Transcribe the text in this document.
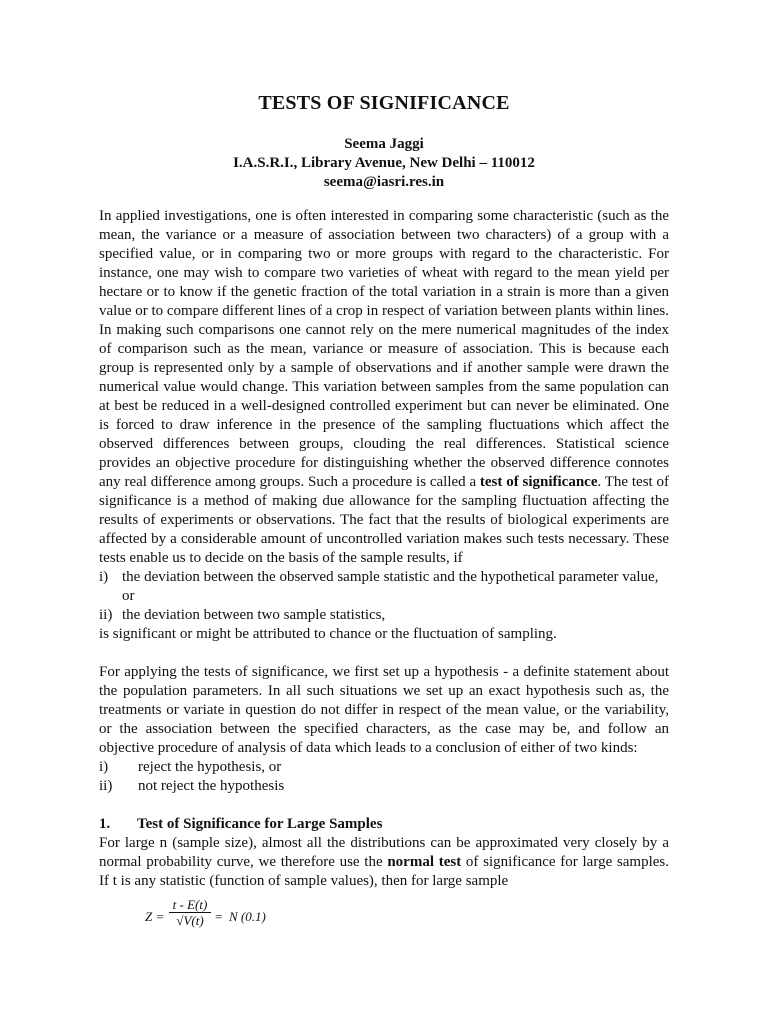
TESTS OF SIGNIFICANCE
Seema Jaggi
I.A.S.R.I., Library Avenue, New Delhi – 110012
seema@iasri.res.in

In applied investigations, one is often interested in comparing some characteristic (such as the mean, the variance or a measure of association between two characters) of a group with a specified value, or in comparing two or more groups with regard to the characteristic. For instance, one may wish to compare two varieties of wheat with regard to the mean yield per hectare or to know if the genetic fraction of the total variation in a strain is more than a given value or to compare different lines of a crop in respect of variation between plants within lines. In making such comparisons one cannot rely on the mere numerical magnitudes of the index of comparison such as the mean, variance or measure of association. This is because each group is represented only by a sample of observations and if another sample were drawn the numerical value would change. This variation between samples from the same population can at best be reduced in a well-designed controlled experiment but can never be eliminated. One is forced to draw inference in the presence of the sampling fluctuations which affect the observed differences between groups, clouding the real differences. Statistical science provides an objective procedure for distinguishing whether the observed difference connotes any real difference among groups. Such a procedure is called a test of significance. The test of significance is a method of making due allowance for the sampling fluctuation affecting the results of experiments or observations. The fact that the results of biological experiments are affected by a considerable amount of uncontrolled variation makes such tests necessary. These tests enable us to decide on the basis of the sample results, if

i) the deviation between the observed sample statistic and the hypothetical parameter value,
or
ii) the deviation between two sample statistics,

is significant or might be attributed to chance or the fluctuation of sampling.

For applying the tests of significance, we first set up a hypothesis - a definite statement about the population parameters. In all such situations we set up an exact hypothesis such as, the treatments or variate in question do not differ in respect of the mean value, or the variability, or the association between the specified characters, as the case may be, and follow an objective procedure of analysis of data which leads to a conclusion of either of two kinds:

i)	reject the hypothesis, or
ii)	not reject the hypothesis
1.	Test of Significance for Large Samples

For large n (sample size), almost all the distributions can be approximated very closely by a normal probability curve, we therefore use the normal test of significance for large samples. If t is any statistic (function of sample values), then for large sample

$Z = \frac{t - E(t)}{√V(t)} = N$ (0.1)
